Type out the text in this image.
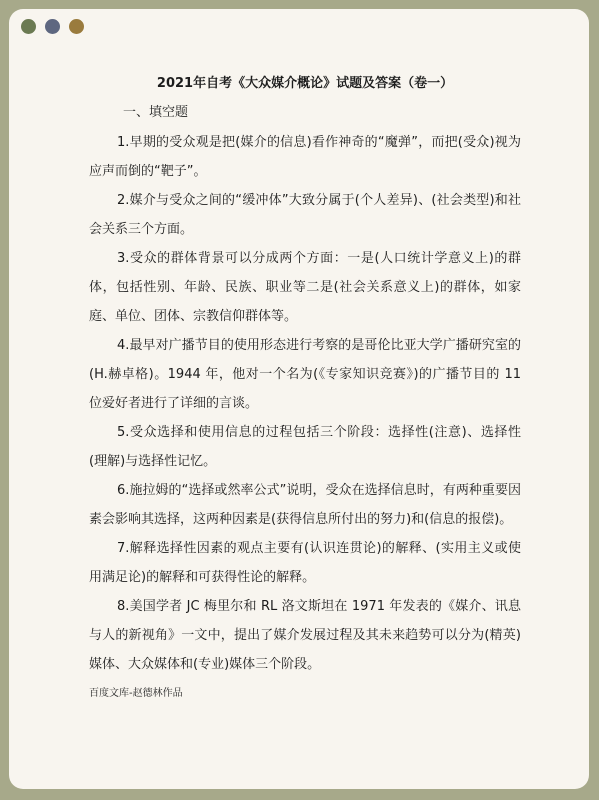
2021年自考《大众媒介概论》试题及答案（卷一）

一、填空题

1.早期的受众观是把(媒介的信息)看作神奇的“魔弹”，而把(受众)视为应声而倒的“靶子”。

2.媒介与受众之间的“缓冲体”大致分属于(个人差异)、(社会类型)和社会关系三个方面。

3.受众的群体背景可以分成两个方面：一是(人口统计学意义上)的群体，包括性别、年龄、民族、职业等二是(社会关系意义上)的群体，如家庭、单位、团体、宗教信仰群体等。

4.最早对广播节目的使用形态进行考察的是哥伦比亚大学广播研究室的(H.赫卓格)。1944 年，他对一个名为(《专家知识竞赛》)的广播节目的 11 位爱好者进行了详细的言谈。

5.受众选择和使用信息的过程包括三个阶段：选择性(注意)、选择性(理解)与选择性记忆。

6.施拉姆的“选择或然率公式”说明，受众在选择信息时，有两种重要因素会影响其选择，这两种因素是(获得信息所付出的努力)和(信息的报偿)。

7.解释选择性因素的观点主要有(认识连贯论)的解释、(实用主义或使用满足论)的解释和可获得性论的解释。

8.美国学者 JC 梅里尔和 RL 洛文斯坦在 1971 年发表的《媒介、讯息与人的新视角》一文中，提出了媒介发展过程及其未来趋势可以分为(精英)媒体、大众媒体和(专业)媒体三个阶段。

百度文库-赵德林作品
